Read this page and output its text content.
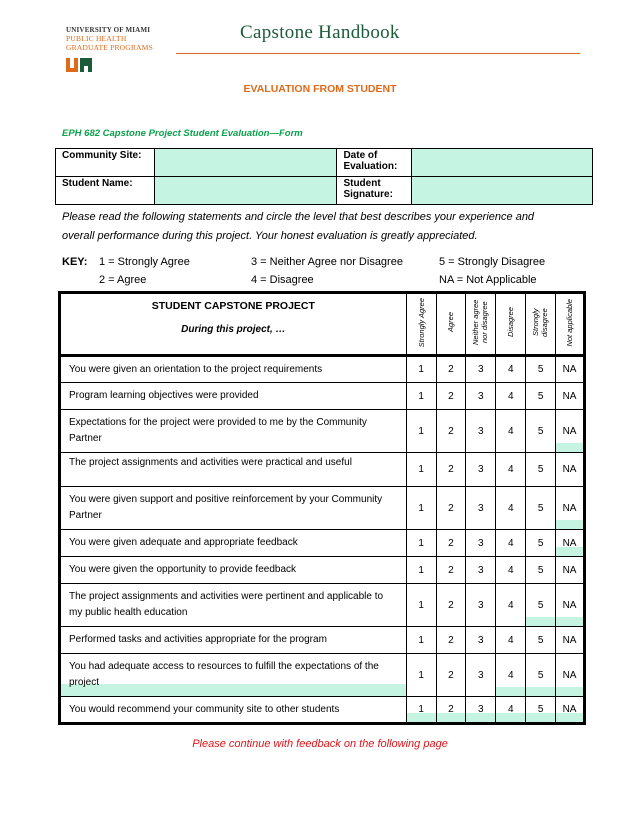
UNIVERSITY OF MIAMI
PUBLIC HEALTH
GRADUATE PROGRAMS
Capstone Handbook
EVALUATION FROM STUDENT
EPH 682 Capstone Project Student Evaluation—Form
Community Site:		Date of Evaluation:	
Student Name:		Student Signature:	
Please read the following statements and circle the level that best describes your experience and overall performance during this project. Your honest evaluation is greatly appreciated.
KEY: 1 = Strongly Agree	3 = Neither Agree nor Disagree	5 = Strongly Disagree
2 = Agree	4 = Disagree	NA = Not Applicable
STUDENT CAPSTONE PROJECT
During this project, …	Strongly Agree	Agree	Neither agree nor disagree	Disagree	Strongly disagree	Not applicable
You were given an orientation to the project requirements	1	2	3	4	5	NA
Program learning objectives were provided	1	2	3	4	5	NA
Expectations for the project were provided to me by the Community Partner	1	2	3	4	5	NA
The project assignments and activities were practical and useful	1	2	3	4	5	NA
You were given support and positive reinforcement by your Community Partner	1	2	3	4	5	NA
You were given adequate and appropriate feedback	1	2	3	4	5	NA
You were given the opportunity to provide feedback	1	2	3	4	5	NA
The project assignments and activities were pertinent and applicable to my public health education	1	2	3	4	5	NA
Performed tasks and activities appropriate for the program	1	2	3	4	5	NA

You had adequate access to resources to fulfill the expectations of the project	1	2	3	4	5	NA
You would recommend your community site to other students	1	2	3	4	5	NA
Please continue with feedback on the following page
